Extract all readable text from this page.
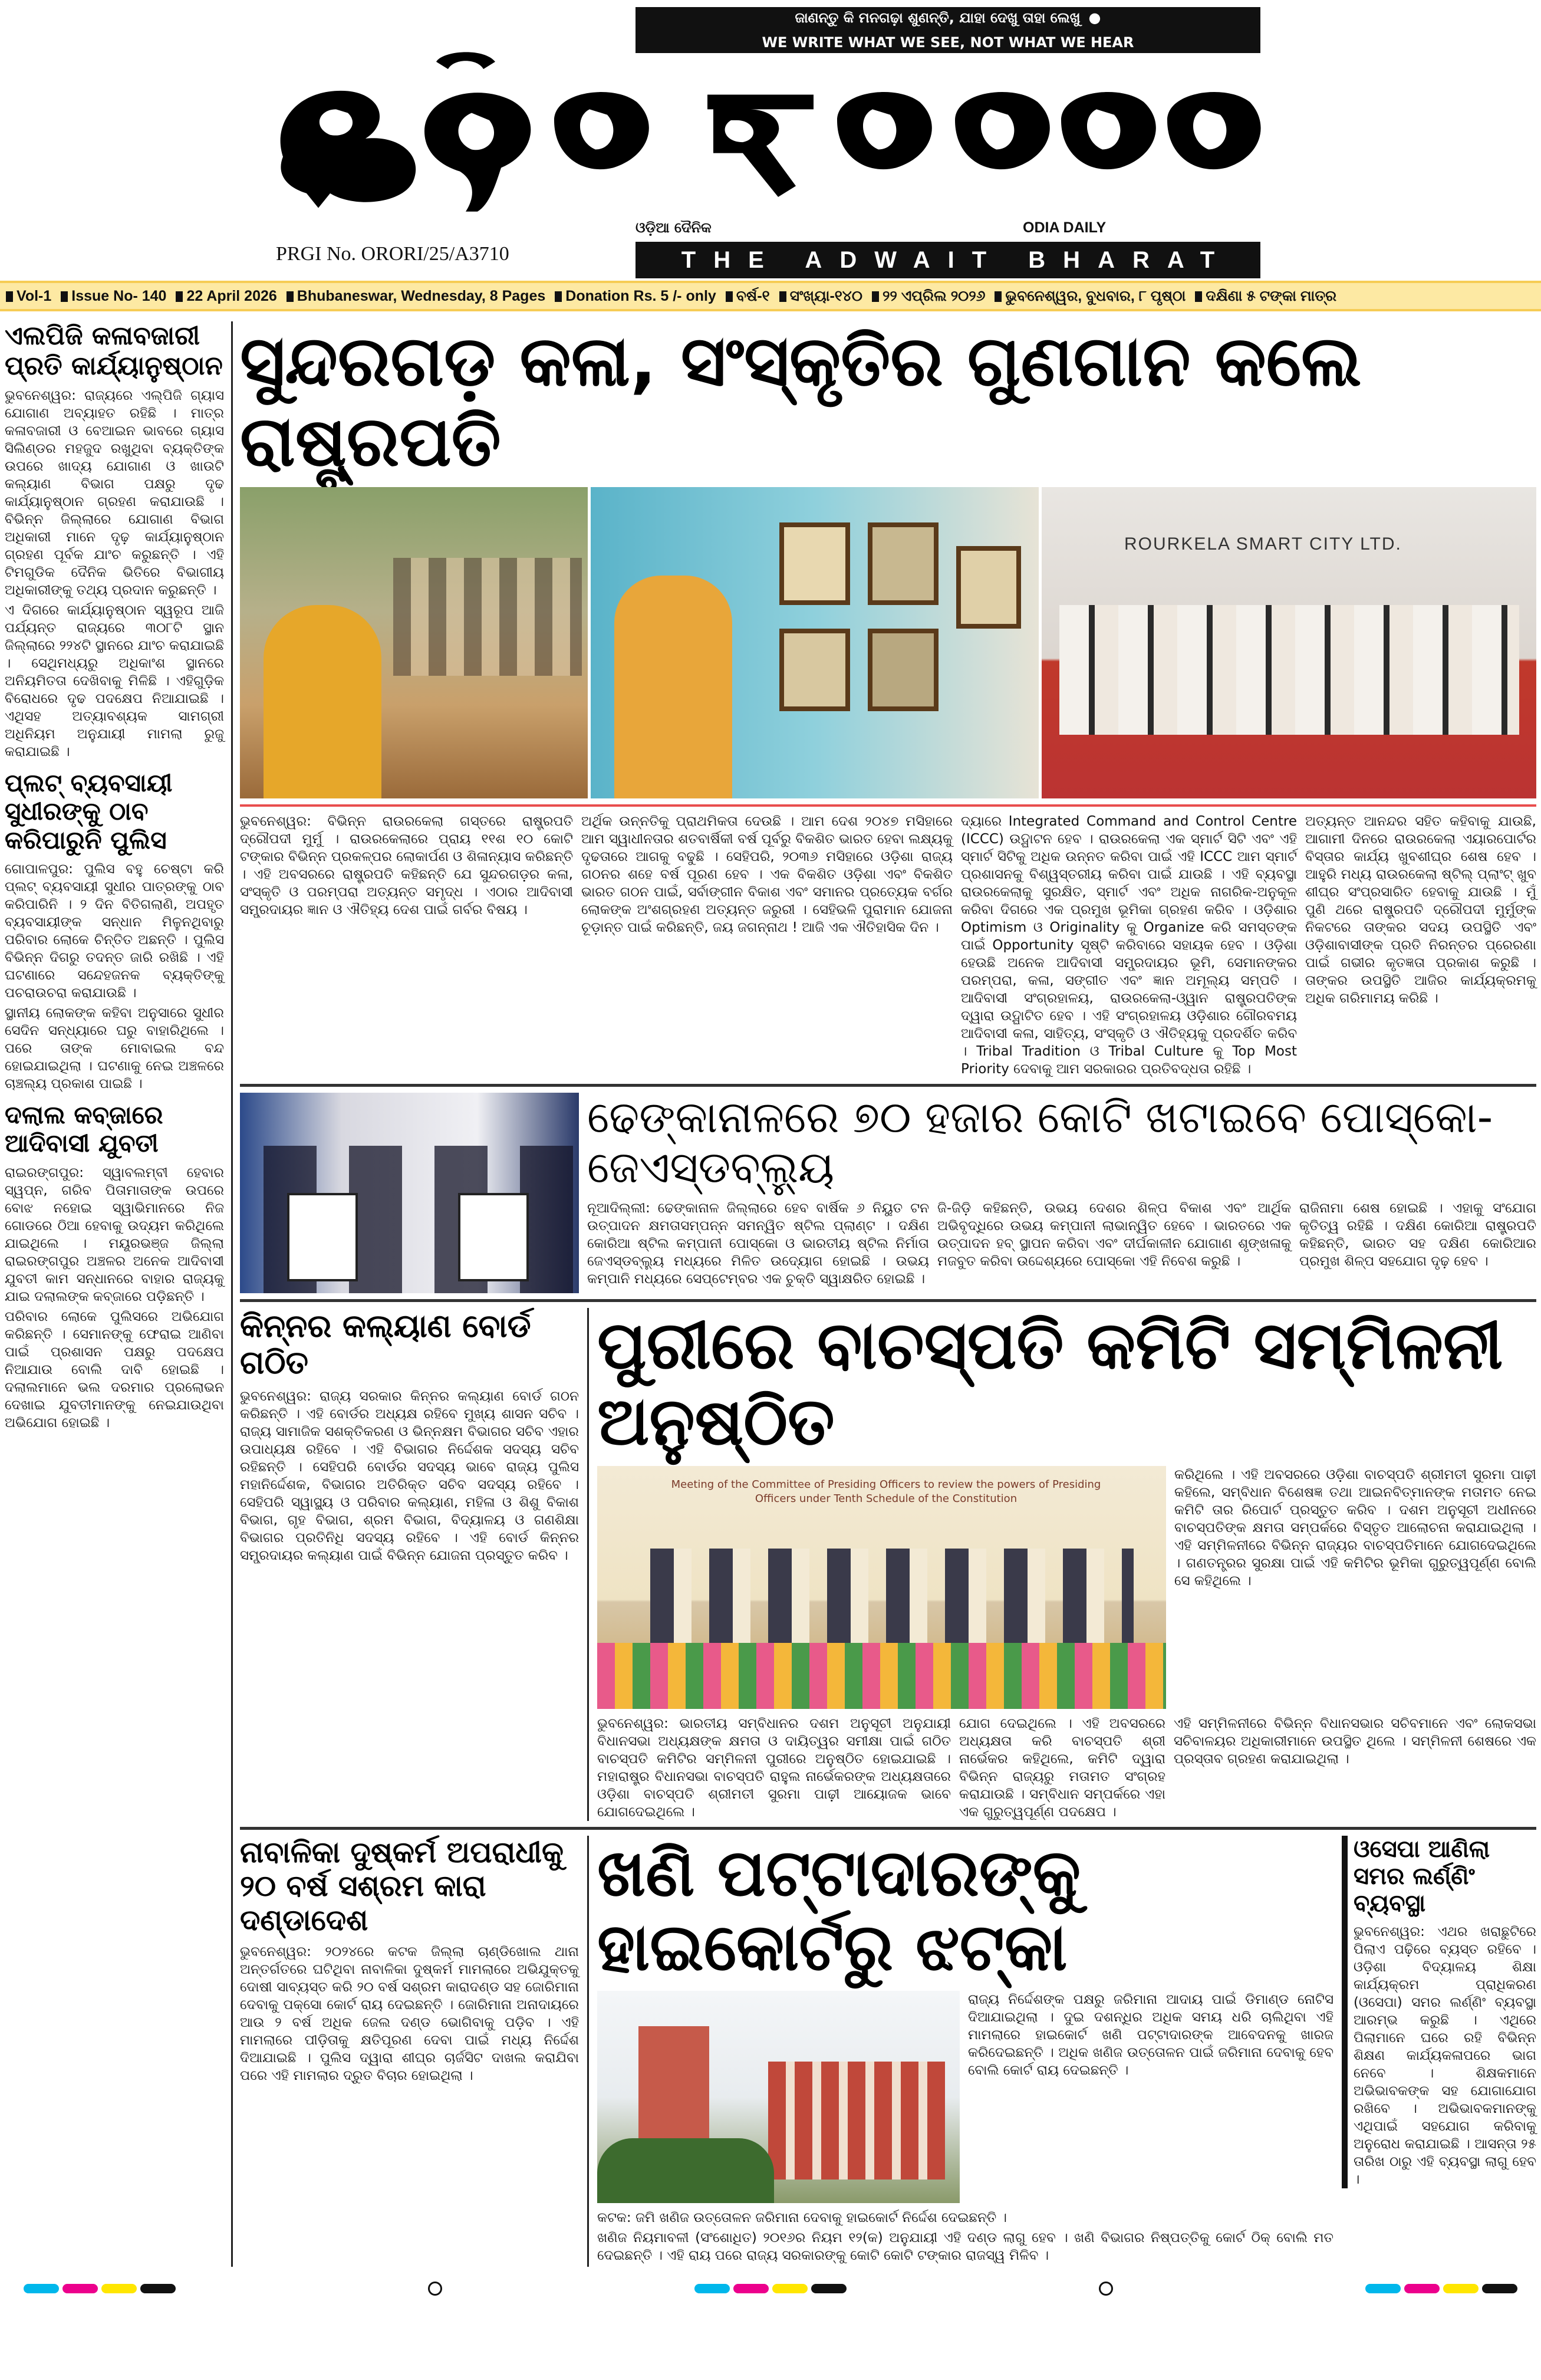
ଜାଣନ୍ତୁ କି ମନଗଢ଼ା ଶୁଣନ୍ତି, ଯାହା ଦେଖୁ ତାହା ଲେଖୁ ●
WE WRITE WHAT WE SEE, NOT WHAT WE HEAR
PRGI No. ORORI/25/A3710
ଓଡ଼ିଆ ଦୈନିକ	ODIA DAILY
THE ADWAIT BHARAT
Vol-1	Issue No- 140	22 April 2026	Bhubaneswar, Wednesday, 8 Pages	Donation Rs. 5 /- only	ବର୍ଷ-୧	ସଂଖ୍ୟା-୧୪୦	୨୨ ଏପ୍ରିଲ ୨୦୨୬	ଭୁବନେଶ୍ୱର, ବୁଧବାର, ୮ ପୃଷ୍ଠା	ଦକ୍ଷିଣା ୫ ଟଙ୍କା ମାତ୍ର
ଏଲପିଜି କଳାବଜାରୀ ପ୍ରତି କାର୍ଯ୍ୟାନୁଷ୍ଠାନ

ଭୁବନେଶ୍ୱର: ରାଜ୍ୟରେ ଏଲ୍‌ପିଜି ଗ୍ୟାସ ଯୋଗାଣ ଅବ୍ୟାହତ ରହିଛି । ମାତ୍ର କଳାବଜାରୀ ଓ ବେଆଇନ ଭାବରେ ଗ୍ୟାସ ସିଲିଣ୍ଡର ମହଜୁଦ ରଖୁଥିବା ବ୍ୟକ୍ତିଙ୍କ ଉପରେ ଖାଦ୍ୟ ଯୋଗାଣ ଓ ଖାଉଟି କଲ୍ୟାଣ ବିଭାଗ ପକ୍ଷରୁ ଦୃଢ କାର୍ଯ୍ୟାନୁଷ୍ଠାନ ଗ୍ରହଣ କରାଯାଉଛି । ବିଭିନ୍ନ ଜିଲ୍ଲାରେ ଯୋଗାଣ ବିଭାଗ ଅଧିକାରୀ ମାନେ ଦୃଢ଼ କାର୍ଯ୍ୟାନୁଷ୍ଠାନ ଗ୍ରହଣ ପୂର୍ବକ ଯାଂଚ କରୁଛନ୍ତି । ଏହି ଟିମଗୁଡିକ ଦୈନିକ ଭିତିରେ ବିଭାଗୀୟ ଅଧିକାରୀଙ୍କୁ ତଥ୍ୟ ପ୍ରଦାନ କରୁଛନ୍ତି ।

ଏ ଦିଗରେ କାର୍ଯ୍ୟାନୁଷ୍ଠାନ ସ୍ୱରୂପ ଆଜି ପର୍ଯ୍ୟନ୍ତ ରାଜ୍ୟରେ ୩୦୮ଟି ସ୍ଥାନ ଜିଲ୍ଲାରେ ୨୨୪ଟି ସ୍ଥାନରେ ଯାଂଚ କରାଯାଇଛି । ସେଥିମଧ୍ୟରୁ ଅଧିକାଂଶ ସ୍ଥାନରେ ଅନିୟମିତତା ଦେଖିବାକୁ ମିଳିଛି । ଏହିଗୁଡ଼ିକ ବିରୋଧରେ ଦୃଢ ପଦକ୍ଷେପ ନିଆଯାଇଛି । ଏଥିସହ ଅତ୍ୟାବଶ୍ୟକ ସାମଗ୍ରୀ ଅଧିନିୟମ ଅନୁଯାୟୀ ମାମଲା ରୁଜୁ କରାଯାଇଛି ।

ପ୍ଲଟ୍ ବ୍ୟବସାୟୀ ସୁଧୀରଙ୍କୁ ଠାବ କରିପାରୁନି ପୁଲିସ

ଗୋପାଳପୁର: ପୁଲିସ ବହୁ ଚେଷ୍ଟା କରି ପ୍ଲଟ୍ ବ୍ୟବସାୟୀ ସୁଧୀର ପାତ୍ରଙ୍କୁ ଠାବ କରିପାରିନି । ୨ ଦିନ ବିତିଗଲାଣି, ଅପହୃତ ବ୍ୟବସାୟୀଙ୍କ ସନ୍ଧାନ ମିଳୁନଥିବାରୁ ପରିବାର ଲୋକେ ଚିନ୍ତିତ ଅଛନ୍ତି । ପୁଲିସ ବିଭିନ୍ନ ଦିଗରୁ ତଦନ୍ତ ଜାରି ରଖିଛି । ଏହି ଘଟଣାରେ ସନ୍ଦେହଜନକ ବ୍ୟକ୍ତିଙ୍କୁ ପଚରାଉଚରା କରାଯାଉଛି ।

ସ୍ଥାନୀୟ ଲୋକଙ୍କ କହିବା ଅନୁସାରେ ସୁଧୀର ସେଦିନ ସନ୍ଧ୍ୟାରେ ଘରୁ ବାହାରିଥିଲେ । ପରେ ତାଙ୍କ ମୋବାଇଲ ବନ୍ଦ ହୋଇଯାଇଥିଲା । ଘଟଣାକୁ ନେଇ ଅଞ୍ଚଳରେ ଚାଞ୍ଚଲ୍ୟ ପ୍ରକାଶ ପାଇଛି ।

ଦଲାଲ କବ୍‌ଜାରେ ଆଦିବାସୀ ଯୁବତୀ

ରାଇରଙ୍ଗପୁର: ସ୍ୱାବଲମ୍ବୀ ହେବାର ସ୍ୱପ୍ନ, ଗରିବ ପିତାମାତାଙ୍କ ଉପରେ ବୋଝ ନହୋଇ ସ୍ୱାଭିମାନରେ ନିଜ ଗୋଡରେ ଠିଆ ହେବାକୁ ଉଦ୍ୟମ କରିଥିଲେ ଯାଇଥିଲେ । ମୟୂରଭଞ୍ଜ ଜିଲ୍ଲା ରାଇରଙ୍ଗପୁର ଅଞ୍ଚଳର ଅନେକ ଆଦିବାସୀ ଯୁବତୀ କାମ ସନ୍ଧାନରେ ବାହାର ରାଜ୍ୟକୁ ଯାଇ ଦଲାଲଙ୍କ କବ୍‌ଜାରେ ପଡ଼ିଛନ୍ତି ।

ପରିବାର ଲୋକେ ପୁଲିସରେ ଅଭିଯୋଗ କରିଛନ୍ତି । ସେମାନଙ୍କୁ ଫେରାଇ ଆଣିବା ପାଇଁ ପ୍ରଶାସନ ପକ୍ଷରୁ ପଦକ୍ଷେପ ନିଆଯାଉ ବୋଲି ଦାବି ହୋଇଛି । ଦଲାଲମାନେ ଭଲ ଦରମାର ପ୍ରଲୋଭନ ଦେଖାଇ ଯୁବତୀମାନଙ୍କୁ ନେଇଯାଉଥିବା ଅଭିଯୋଗ ହୋଇଛି ।

ସୁନ୍ଦରଗଡ଼ କଳା, ସଂସ୍କୃତିର ଗୁଣଗାନ କଲେ ରାଷ୍ଟ୍ରପତି
ROURKELA SMART CITY LTD.
ଭୁବନେଶ୍ୱର: ବିଭିନ୍ନ ରାଉରକେଲା ଗସ୍ତରେ ରାଷ୍ଟ୍ରପତି ଦ୍ରୌପଦୀ ମୁର୍ମୁ । ରାଉରକେଲାରେ ପ୍ରାୟ ୧୧ଶ ୧୦ କୋଟି ଟଙ୍କାର ବିଭିନ୍ନ ପ୍ରକଳ୍ପର ଲୋକାର୍ପଣ ଓ ଶିଳାନ୍ୟାସ କରିଛନ୍ତି । ଏହି ଅବସରରେ ରାଷ୍ଟ୍ରପତି କହିଛନ୍ତି ଯେ ସୁନ୍ଦରଗଡ଼ର କଳା, ସଂସ୍କୃତି ଓ ପରମ୍ପରା ଅତ୍ୟନ୍ତ ସମୃଦ୍ଧ । ଏଠାର ଆଦିବାସୀ ସମ୍ପ୍ରଦାୟର ଜ୍ଞାନ ଓ ଐତିହ୍ୟ ଦେଶ ପାଇଁ ଗର୍ବର ବିଷୟ ।
ଅର୍ଥିକ ଉନ୍ନତିକୁ ପ୍ରାଥମିକତା ଦେଉଛି । ଆମ ଦେଶ ୨୦୪୭ ମସିହାରେ ଆମ ସ୍ୱାଧୀନତାର ଶତବାର୍ଷିକୀ ବର୍ଷ ପୂର୍ବରୁ ବିକଶିତ ଭାରତ ହେବା ଲକ୍ଷ୍ୟକୁ ଦୃଢତାରେ ଆଗକୁ ବଢୁଛି । ସେହିପରି, ୨୦୩୬ ମସିହାରେ ଓଡ଼ିଶା ରାଜ୍ୟ ଗଠନର ଶହେ ବର୍ଷ ପୂରଣ ହେବ । ଏକ ବିକଶିତ ଓଡ଼ିଶା ଏବଂ ବିକଶିତ ଭାରତ ଗଠନ ପାଇଁ, ସର୍ବାଙ୍ଗୀନ ବିକାଶ ଏବଂ ସମାନର ପ୍ରତ୍ୟେକ ବର୍ଗର ଲୋକଙ୍କ ଅଂଶଗ୍ରହଣ ଅତ୍ୟନ୍ତ ଜରୁରୀ । ସେହିଭଳି ପୁରାମାନ ଯୋଜନା ଚୂଡ଼ାନ୍ତ ପାଇଁ କରିଛନ୍ତି, ଜୟ ଜଗନ୍ନାଥ ! ଆଜି ଏକ ଐତିହାସିକ ଦିନ ।
ଦ୍ୟାରେ Integrated Command and Control Centre (ICCC) ଉଦ୍ଘାଟନ ହେବ । ରାଉରକେଲା ଏକ ସ୍ମାର୍ଟ ସିଟି ଏବଂ ଏହି ସ୍ମାର୍ଟ ସିଟିକୁ ଅଧିକ ଉନ୍ନତ କରିବା ପାଇଁ ଏହି ICCC ଆମ ସ୍ମାର୍ଟ ପ୍ରଶାସନକୁ ବିଶ୍ୱସ୍ତରୀୟ କରିବା ପାଇଁ ଯାଉଛି । ଏହି ବ୍ୟବସ୍ଥା ରାଉରକେଲାକୁ ସୁରକ୍ଷିତ, ସ୍ମାର୍ଟ ଏବଂ ଅଧିକ ନାଗରିକ-ଅନୁକୂଳ କରିବା ଦିଗରେ ଏକ ପ୍ରମୁଖ ଭୂମିକା ଗ୍ରହଣ କରିବ । ଓଡ଼ିଶାର Optimism ଓ Originality କୁ Organize କରି ସମସ୍ତଙ୍କ ପାଇଁ Opportunity ସୃଷ୍ଟି କରିବାରେ ସହାୟକ ହେବ । ଓଡ଼ିଶା ହେଉଛି ଅନେକ ଆଦିବାସୀ ସମ୍ପ୍ରଦାୟର ଭୂମି, ସେମାନଙ୍କର ପରମ୍ପରା, କଳା, ସଙ୍ଗୀତ ଏବଂ ଜ୍ଞାନ ଅମୂଲ୍ୟ ସମ୍ପତି । ଆଦିବାସୀ ସଂଗ୍ରହାଳୟ, ରାଉରକେଲା-ଓ୍ୱାନ ରାଷ୍ଟ୍ରପତିଙ୍କ ଦ୍ୱାରା ଉଦ୍ଘାଟିତ ହେବ । ଏହି ସଂଗ୍ରହାଳୟ ଓଡ଼ିଶାର ଗୌରବମୟ ଆଦିବାସୀ କଳା, ସାହିତ୍ୟ, ସଂସ୍କୃତି ଓ ଐତିହ୍ୟକୁ ପ୍ରଦର୍ଶିତ କରିବ । Tribal Tradition ଓ Tribal Culture କୁ Top Most Priority ଦେବାକୁ ଆମ ସରକାରର ପ୍ରତିବଦ୍ଧତା ରହିଛି ।
ଅତ୍ୟନ୍ତ ଆନନ୍ଦର ସହିତ କହିବାକୁ ଯାଉଛି, ଆଗାମୀ ଦିନରେ ରାଉରକେଲା ଏୟାରପୋର୍ଟର ବିସ୍ତାର କାର୍ଯ୍ୟ ଖୁବଶୀଘ୍ର ଶେଷ ହେବ । ଆହୁରି ମଧ୍ୟ ରାଉରକେଲା ଷ୍ଟିଲ୍ ପ୍ଲାଂଟ୍ ଖୁବ ଶୀଘ୍ର ସଂପ୍ରସାରିତ ହେବାକୁ ଯାଉଛି । ମୁଁ ପୁଣି ଥରେ ରାଷ୍ଟ୍ରପତି ଦ୍ରୌପଦୀ ମୁର୍ମୁଙ୍କ ନିକଟରେ ତାଙ୍କର ସଦୟ ଉପସ୍ଥିତି ଏବଂ ଓଡ଼ିଶାବାସୀଙ୍କ ପ୍ରତି ନିରନ୍ତର ପ୍ରେରଣା ପାଇଁ ଗଭୀର କୃତଜ୍ଞତା ପ୍ରକାଶ କରୁଛି । ତାଙ୍କର ଉପସ୍ଥିତି ଆଜିର କାର୍ଯ୍ୟକ୍ରମକୁ ଅଧିକ ଗରିମାମୟ କରିଛି ।
ଢେଙ୍କାନାଳରେ ୭୦ ହଜାର କୋଟି ଖଟାଇବେ ପୋସ୍କୋ-ଜେଏସ୍‌ଡବ୍ଲ୍ୟୁ
ନୂଆଦିଲ୍ଲୀ: ଢେଙ୍କାନାଳ ଜିଲ୍ଲାରେ ହେବ ବାର୍ଷିକ ୬ ନିୟୁତ ଟନ ଉତ୍ପାଦନ କ୍ଷମତାସମ୍ପନ୍ନ ସମନ୍ୱିତ ଷ୍ଟିଲ ପ୍ଲାଣ୍ଟ । ଦକ୍ଷିଣ କୋରିଆ ଷ୍ଟିଲ କମ୍ପାନୀ ପୋସ୍କୋ ଓ ଭାରତୀୟ ଷ୍ଟିଲ ନିର୍ମାତା ଜେଏସ୍‌ଡବ୍ଲ୍ୟୁ ମଧ୍ୟରେ ମିଳିତ ଉଦ୍ୟୋଗ ହୋଇଛି । ଉଭୟ କମ୍ପାନି ମଧ୍ୟରେ ସେପ୍ଟେମ୍ବର ଏକ ଚୁକ୍ତି ସ୍ୱାକ୍ଷରିତ ହୋଇଛି ।
ଜି-ଜିଡ଼ି କହିଛନ୍ତି, ଉଭୟ ଦେଶର ଶିଳ୍ପ ବିକାଶ ଏବଂ ଆର୍ଥିକ ଅଭିବୃଦ୍ଧିରେ ଉଭୟ କମ୍ପାନୀ ଲାଭାନ୍ୱିତ ହେବେ । ଭାରତରେ ଏକ ଉତ୍ପାଦନ ହବ୍ ସ୍ଥାପନ କରିବା ଏବଂ ଦୀର୍ଘକାଳୀନ ଯୋଗାଣ ଶୃଙ୍ଖଳାକୁ ମଜବୁତ କରିବା ଉଦ୍ଦେଶ୍ୟରେ ପୋସ୍କୋ ଏହି ନିବେଶ କରୁଛି ।
ରାଜିନାମା ଶେଷ ହୋଇଛି । ଏହାକୁ ସଂଯୋଗ କୃତିତ୍ୱ ରହିଛି । ଦକ୍ଷିଣ କୋରିଆ ରାଷ୍ଟ୍ରପତି କହିଛନ୍ତି, ଭାରତ ସହ ଦକ୍ଷିଣ କୋରିଆର ପ୍ରମୁଖ ଶିଳ୍ପ ସହଯୋଗ ଦୃଢ଼ ହେବ ।
କିନ୍ନର କଲ୍ୟାଣ ବୋର୍ଡ ଗଠିତ
ଭୁବନେଶ୍ୱର: ରାଜ୍ୟ ସରକାର କିନ୍ନର କଲ୍ୟାଣ ବୋର୍ଡ ଗଠନ କରିଛନ୍ତି । ଏହି ବୋର୍ଡର ଅଧ୍ୟକ୍ଷ ରହିବେ ମୁଖ୍ୟ ଶାସନ ସଚିବ । ରାଜ୍ୟ ସାମାଜିକ ସଶକ୍ତିକରଣ ଓ ଭିନ୍ନକ୍ଷମ ବିଭାଗର ସଚିବ ଏହାର ଉପାଧ୍ୟକ୍ଷ ରହିବେ । ଏହି ବିଭାଗର ନିର୍ଦ୍ଦେଶକ ସଦସ୍ୟ ସଚିବ ରହିଛନ୍ତି । ସେହିପରି ବୋର୍ଡର ସଦସ୍ୟ ଭାବେ ରାଜ୍ୟ ପୁଲିସ ମହାନିର୍ଦ୍ଦେଶକ, ବିଭାଗର ଅତିରିକ୍ତ ସଚିବ ସଦସ୍ୟ ରହିବେ । ସେହିପରି ସ୍ୱାସ୍ଥ୍ୟ ଓ ପରିବାର କଲ୍ୟାଣ, ମହିଳା ଓ ଶିଶୁ ବିକାଶ ବିଭାଗ, ଗୃହ ବିଭାଗ, ଶ୍ରମ ବିଭାଗ, ବିଦ୍ୟାଳୟ ଓ ଗଣଶିକ୍ଷା ବିଭାଗର ପ୍ରତିନିଧି ସଦସ୍ୟ ରହିବେ । ଏହି ବୋର୍ଡ କିନ୍ନର ସମ୍ପ୍ରଦାୟର କଲ୍ୟାଣ ପାଇଁ ବିଭିନ୍ନ ଯୋଜନା ପ୍ରସ୍ତୁତ କରିବ ।
ପୁରୀରେ ବାଚସ୍ପତି କମିଟି ସମ୍ମିଳନୀ ଅନୁଷ୍ଠିତ
Meeting of the Committee of Presiding Officers to review the powers of Presiding Officers under Tenth Schedule of the Constitution
କରିଥିଲେ । ଏହି ଅବସରରେ ଓଡ଼ିଶା ବାଚସ୍ପତି ଶ୍ରୀମତୀ ସୁରମା ପାଢ଼ୀ କହିଲେ, ସମ୍ବିଧାନ ବିଶେଷଜ୍ଞ ତଥା ଆଇନବିତ୍‌ମାନଙ୍କ ମତାମତ ନେଇ କମିଟି ତାର ରିପୋର୍ଟ ପ୍ରସ୍ତୁତ କରିବ । ଦଶମ ଅନୁସୂଚୀ ଅଧୀନରେ ବାଚସ୍ପତିଙ୍କ କ୍ଷମତା ସମ୍ପର୍କରେ ବିସ୍ତୃତ ଆଲୋଚନା କରାଯାଇଥିଲା । ଏହି ସମ୍ମିଳନୀରେ ବିଭିନ୍ନ ରାଜ୍ୟର ବାଚସ୍ପତିମାନେ ଯୋଗଦେଇଥିଲେ । ଗଣତନ୍ତ୍ରର ସୁରକ୍ଷା ପାଇଁ ଏହି କମିଟିର ଭୂମିକା ଗୁରୁତ୍ୱପୂର୍ଣ୍ଣ ବୋଲି ସେ କହିଥିଲେ ।
ଭୁବନେଶ୍ୱର: ଭାରତୀୟ ସମ୍ବିଧାନର ଦଶମ ଅନୁସୂଚୀ ଅନୁଯାୟୀ ବିଧାନସଭା ଅଧ୍ୟକ୍ଷଙ୍କ କ୍ଷମତା ଓ ଦାୟିତ୍ୱର ସମୀକ୍ଷା ପାଇଁ ଗଠିତ ବାଚସ୍ପତି କମିଟିର ସମ୍ମିଳନୀ ପୁରୀରେ ଅନୁଷ୍ଠିତ ହୋଇଯାଇଛି । ମହାରାଷ୍ଟ୍ର ବିଧାନସଭା ବାଚସ୍ପତି ରାହୁଲ ନାର୍ଭେକରଙ୍କ ଅଧ୍ୟକ୍ଷତାରେ ଓଡ଼ିଶା ବାଚସ୍ପତି ଶ୍ରୀମତୀ ସୁରମା ପାଢ଼ୀ ଆୟୋଜକ ଭାବେ ଯୋଗଦେଇଥିଲେ ।
ଯୋଗ ଦେଇଥିଲେ । ଏହି ଅବସରରେ ଅଧ୍ୟକ୍ଷତା କରି ବାଚସ୍ପତି ଶ୍ରୀ ନାର୍ଭେକର କହିଥିଲେ, କମିଟି ଦ୍ୱାରା ବିଭିନ୍ନ ରାଜ୍ୟରୁ ମତାମତ ସଂଗ୍ରହ କରାଯାଉଛି । ସମ୍ବିଧାନ ସମ୍ପର୍କରେ ଏହା ଏକ ଗୁରୁତ୍ୱପୂର୍ଣ୍ଣ ପଦକ୍ଷେପ ।
ଏହି ସମ୍ମିଳନୀରେ ବିଭିନ୍ନ ବିଧାନସଭାର ସଚିବମାନେ ଏବଂ ଲୋକସଭା ସଚିବାଳୟର ଅଧିକାରୀମାନେ ଉପସ୍ଥିତ ଥିଲେ । ସମ୍ମିଳନୀ ଶେଷରେ ଏକ ପ୍ରସ୍ତାବ ଗ୍ରହଣ କରାଯାଇଥିଲା ।
ନାବାଳିକା ଦୁଷ୍କର୍ମ ଅପରାଧୀକୁ ୨୦ ବର୍ଷ ସଶ୍ରମ କାରା ଦଣ୍ଡାଦେଶ
ଭୁବନେଶ୍ୱର: ୨୦୨୪ରେ କଟକ ଜିଲ୍ଲା ଚାଣ୍ଡିଖୋଲ ଥାନା ଅନ୍ତର୍ଗତରେ ଘଟିଥିବା ନାବାଳିକା ଦୁଷ୍କର୍ମ ମାମଲାରେ ଅଭିଯୁକ୍ତକୁ ଦୋଷୀ ସାବ୍ୟସ୍ତ କରି ୨୦ ବର୍ଷ ସଶ୍ରମ କାରାଦଣ୍ଡ ସହ ଜୋରିମାନା ଦେବାକୁ ପକ୍ସୋ କୋର୍ଟ ରାୟ ଦେଇଛନ୍ତି । ଜୋରିମାନା ଅନାଦାୟରେ ଆଉ ୨ ବର୍ଷ ଅଧିକ ଜେଲ ଦଣ୍ଡ ଭୋଗିବାକୁ ପଡ଼ିବ । ଏହି ମାମଲାରେ ପୀଡ଼ିତାକୁ କ୍ଷତିପୂରଣ ଦେବା ପାଇଁ ମଧ୍ୟ ନିର୍ଦ୍ଦେଶ ଦିଆଯାଇଛି । ପୁଲିସ ଦ୍ୱାରା ଶୀଘ୍ର ଚାର୍ଜସିଟ ଦାଖଲ କରାଯିବା ପରେ ଏହି ମାମଲାର ଦ୍ରୁତ ବିଚାର ହୋଇଥିଲା ।
ଖଣି ପଟ୍ଟାଦାରଙ୍କୁ ହାଇକୋର୍ଟରୁ ଝଟ୍‌କା
ରାଜ୍ୟ ନିର୍ଦ୍ଦେଶଙ୍କ ପକ୍ଷରୁ ଜରିମାନା ଆଦାୟ ପାଇଁ ଡିମାଣ୍ଡ ନୋଟିସ ଦିଆଯାଇଥିଲା । ଦୁଇ ଦଶନ୍ଧିର ଅଧିକ ସମୟ ଧରି ଚାଲିଥିବା ଏହି ମାମଲାରେ ହାଇକୋର୍ଟ ଖଣି ପଟ୍ଟାଦାରଙ୍କ ଆବେଦନକୁ ଖାରଜ କରିଦେଇଛନ୍ତି । ଅଧିକ ଖଣିଜ ଉତ୍ତୋଳନ ପାଇଁ ଜରିମାନା ଦେବାକୁ ହେବ ବୋଲି କୋର୍ଟ ରାୟ ଦେଇଛନ୍ତି ।

କଟକ: ଜମି ଖଣିଜ ଉତ୍ତୋଳନ ଜରିମାନା ଦେବାକୁ ହାଇକୋର୍ଟ ନିର୍ଦ୍ଦେଶ ଦେଇଛନ୍ତି ।

ଖଣିଜ ନିୟମାବଳୀ (ସଂଶୋଧିତ) ୨୦୧୬ର ନିୟମ ୧୨(କ) ଅନୁଯାୟୀ ଏହି ଦଣ୍ଡ ଲାଗୁ ହେବ । ଖଣି ବିଭାଗର ନିଷ୍ପତ୍ତିକୁ କୋର୍ଟ ଠିକ୍ ବୋଲି ମତ ଦେଇଛନ୍ତି । ଏହି ରାୟ ପରେ ରାଜ୍ୟ ସରକାରଙ୍କୁ କୋଟି କୋଟି ଟଙ୍କାର ରାଜସ୍ୱ ମିଳିବ ।

ଓସେପା ଆଣିଲା ସମର ଲର୍ଣ୍ଣିଂ ବ୍ୟବସ୍ଥା
ଭୁବନେଶ୍ୱର: ଏଥର ଖରାଛୁଟିରେ ପିଲାଏ ପଢ଼ିରେ ବ୍ୟସ୍ତ ରହିବେ । ଓଡ଼ିଶା ବିଦ୍ୟାଳୟ ଶିକ୍ଷା କାର୍ଯ୍ୟକ୍ରମ ପ୍ରାଧିକରଣ (ଓସେପା) ସମର ଲର୍ଣ୍ଣିଂ ବ୍ୟବସ୍ଥା ଆରମ୍ଭ କରୁଛି । ଏଥିରେ ପିଲାମାନେ ଘରେ ରହି ବିଭିନ୍ନ ଶିକ୍ଷଣ କାର୍ଯ୍ୟକଳାପରେ ଭାଗ ନେବେ । ଶିକ୍ଷକମାନେ ଅଭିଭାବକଙ୍କ ସହ ଯୋଗାଯୋଗ ରଖିବେ । ଅଭିଭାବକମାନଙ୍କୁ ଏଥିପାଇଁ ସହଯୋଗ କରିବାକୁ ଅନୁରୋଧ କରାଯାଇଛି । ଆସନ୍ତା ୨୫ ତାରିଖ ଠାରୁ ଏହି ବ୍ୟବସ୍ଥା ଲାଗୁ ହେବ ।
